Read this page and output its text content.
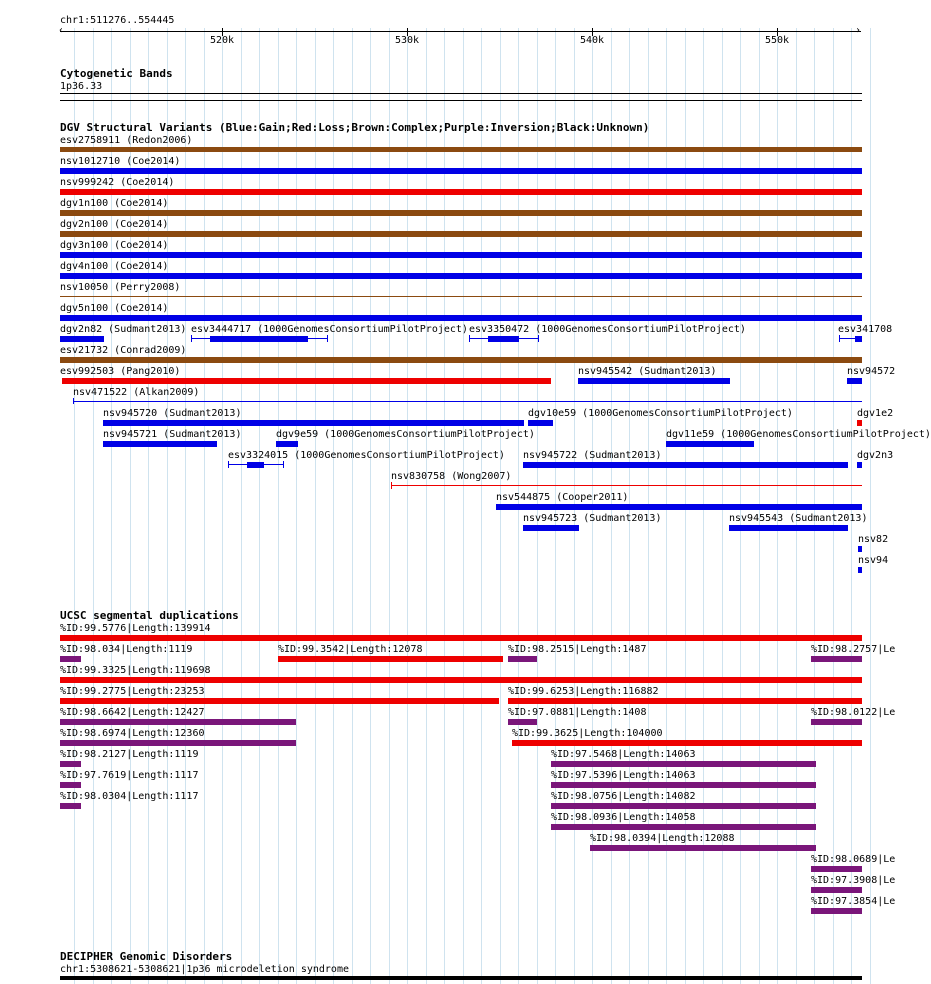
chr1:511276..554445
‹	›
520k	530k	540k	550k
Cytogenetic Bands
1p36.33
DGV Structural Variants (Blue:Gain;Red:Loss;Brown:Complex;Purple:Inversion;Black:Unknown)
esv2758911 (Redon2006)
nsv1012710 (Coe2014)
nsv999242 (Coe2014)
dgv1n100 (Coe2014)
dgv2n100 (Coe2014)
dgv3n100 (Coe2014)
dgv4n100 (Coe2014)
nsv10050 (Perry2008)
dgv5n100 (Coe2014)
dgv2n82 (Sudmant2013) esv3444717 (1000GenomesConsortiumPilotProject) esv3350472 (1000GenomesConsortiumPilotProject)	esv341708
esv21732 (Conrad2009)
esv992503 (Pang2010)	nsv945542 (Sudmant2013)	nsv94572
nsv471522 (Alkan2009)
nsv945720 (Sudmant2013)	dgv10e59 (1000GenomesConsortiumPilotProject)	dgv1e2
nsv945721 (Sudmant2013)	dgv9e59 (1000GenomesConsortiumPilotProject)	dgv11e59 (1000GenomesConsortiumPilotProject)
esv3324015 (1000GenomesConsortiumPilotProject) nsv945722 (Sudmant2013)	dgv2n3
nsv830758 (Wong2007)
nsv544875 (Cooper2011)
nsv945723 (Sudmant2013)	nsv945543 (Sudmant2013)
nsv82
nsv94
UCSC segmental duplications
%ID:99.5776|Length:139914
%ID:98.034|Length:1119	%ID:99.3542|Length:12078	%ID:98.2515|Length:1487	%ID:98.2757|Le
%ID:99.3325|Length:119698
%ID:99.2775|Length:23253	%ID:99.6253|Length:116882
%ID:98.6642|Length:12427	%ID:97.0881|Length:1408	%ID:98.0122|Le
%ID:98.6974|Length:12360	%ID:99.3625|Length:104000
%ID:98.2127|Length:1119	%ID:97.5468|Length:14063
%ID:97.7619|Length:1117	%ID:97.5396|Length:14063
%ID:98.0304|Length:1117	%ID:98.0756|Length:14082
%ID:98.0936|Length:14058
%ID:98.0394|Length:12088
%ID:98.0689|Le
%ID:97.3908|Le
%ID:97.3854|Le
DECIPHER Genomic Disorders
chr1:5308621-5308621|1p36 microdeletion syndrome
